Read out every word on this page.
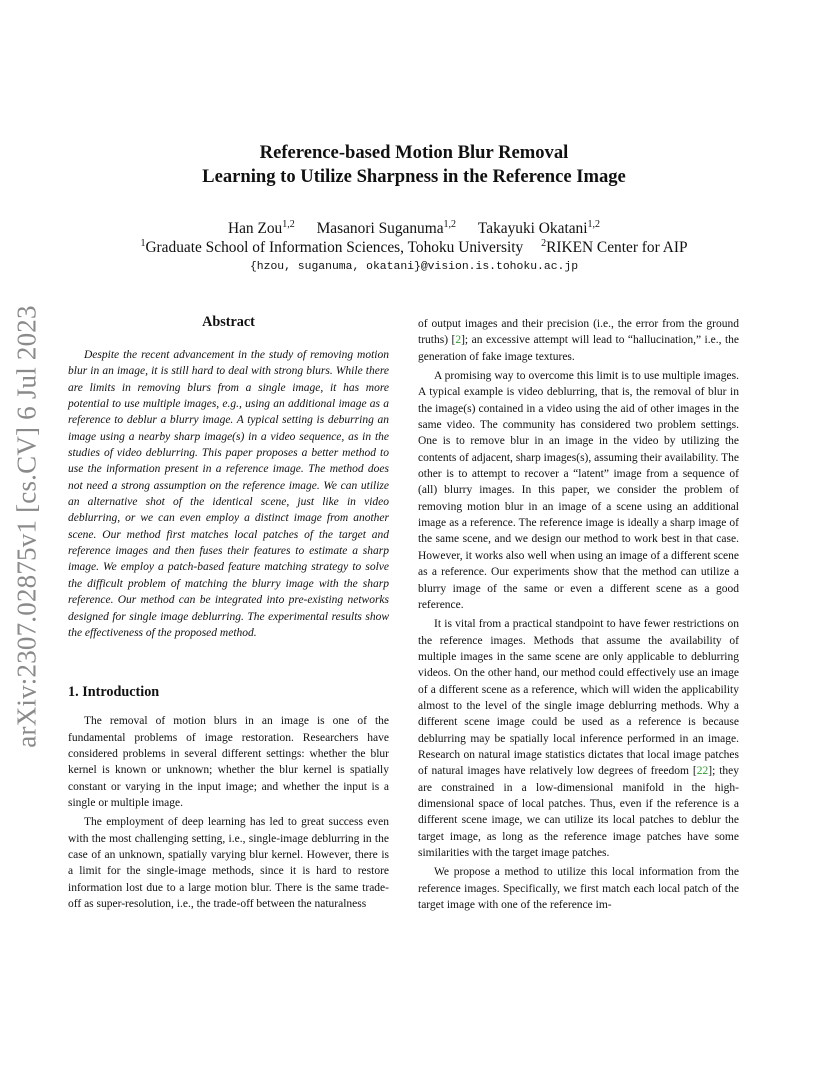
arXiv:2307.02875v1 [cs.CV] 6 Jul 2023
Reference-based Motion Blur Removal
Learning to Utilize Sharpness in the Reference Image
Han Zou$^{1,2}$ Masanori Suganuma$^{1,2}$ Takayuki Okatani$^{1,2}$
$^1$Graduate School of Information Sciences, Tohoku University $^2$RIKEN Center for AIP
{hzou, suganuma, okatani}@vision.is.tohoku.ac.jp
Abstract

Despite the recent advancement in the study of removing motion blur in an image, it is still hard to deal with strong blurs. While there are limits in removing blurs from a single image, it has more potential to use multiple images, e.g., using an additional image as a reference to deblur a blurry image. A typical setting is deburring an image using a nearby sharp image(s) in a video sequence, as in the studies of video deblurring. This paper proposes a better method to use the information present in a reference image. The method does not need a strong assumption on the reference image. We can utilize an alternative shot of the identical scene, just like in video deblurring, or we can even employ a distinct image from another scene. Our method first matches local patches of the target and reference images and then fuses their features to estimate a sharp image. We employ a patch-based feature matching strategy to solve the difficult problem of matching the blurry image with the sharp reference. Our method can be integrated into pre-existing networks designed for single image deblurring. The experimental results show the effectiveness of the proposed method.

1. Introduction

The removal of motion blurs in an image is one of the fundamental problems of image restoration. Researchers have considered problems in several different settings: whether the blur kernel is known or unknown; whether the blur kernel is spatially constant or varying in the input image; and whether the input is a single or multiple image.

The employment of deep learning has led to great success even with the most challenging setting, i.e., single-image deblurring in the case of an unknown, spatially varying blur kernel. However, there is a limit for the single-image methods, since it is hard to restore information lost due to a large motion blur. There is the same trade-off as super-resolution, i.e., the trade-off between the naturalness

of output images and their precision (i.e., the error from the ground truths) [2]; an excessive attempt will lead to “hallucination,” i.e., the generation of fake image textures.

A promising way to overcome this limit is to use multiple images. A typical example is video deblurring, that is, the removal of blur in the image(s) contained in a video using the aid of other images in the same video. The community has considered two problem settings. One is to remove blur in an image in the video by utilizing the contents of adjacent, sharp images(s), assuming their availability. The other is to attempt to recover a “latent” image from a sequence of (all) blurry images. In this paper, we consider the problem of removing motion blur in an image of a scene using an additional image as a reference. The reference image is ideally a sharp image of the same scene, and we design our method to work best in that case. However, it works also well when using an image of a different scene as a reference. Our experiments show that the method can utilize a blurry image of the same or even a different scene as a good reference.

It is vital from a practical standpoint to have fewer restrictions on the reference images. Methods that assume the availability of multiple images in the same scene are only applicable to deblurring videos. On the other hand, our method could effectively use an image of a different scene as a reference, which will widen the applicability almost to the level of the single image deblurring methods. Why a different scene image could be used as a reference is because deblurring may be spatially local inference performed in an image. Research on natural image statistics dictates that local image patches of natural images have relatively low degrees of freedom [22]; they are constrained in a low-dimensional manifold in the high-dimensional space of local patches. Thus, even if the reference is a different scene image, we can utilize its local patches to deblur the target image, as long as the reference image patches have some similarities with the target image patches.

We propose a method to utilize this local information from the reference images. Specifically, we first match each local patch of the target image with one of the reference im-
